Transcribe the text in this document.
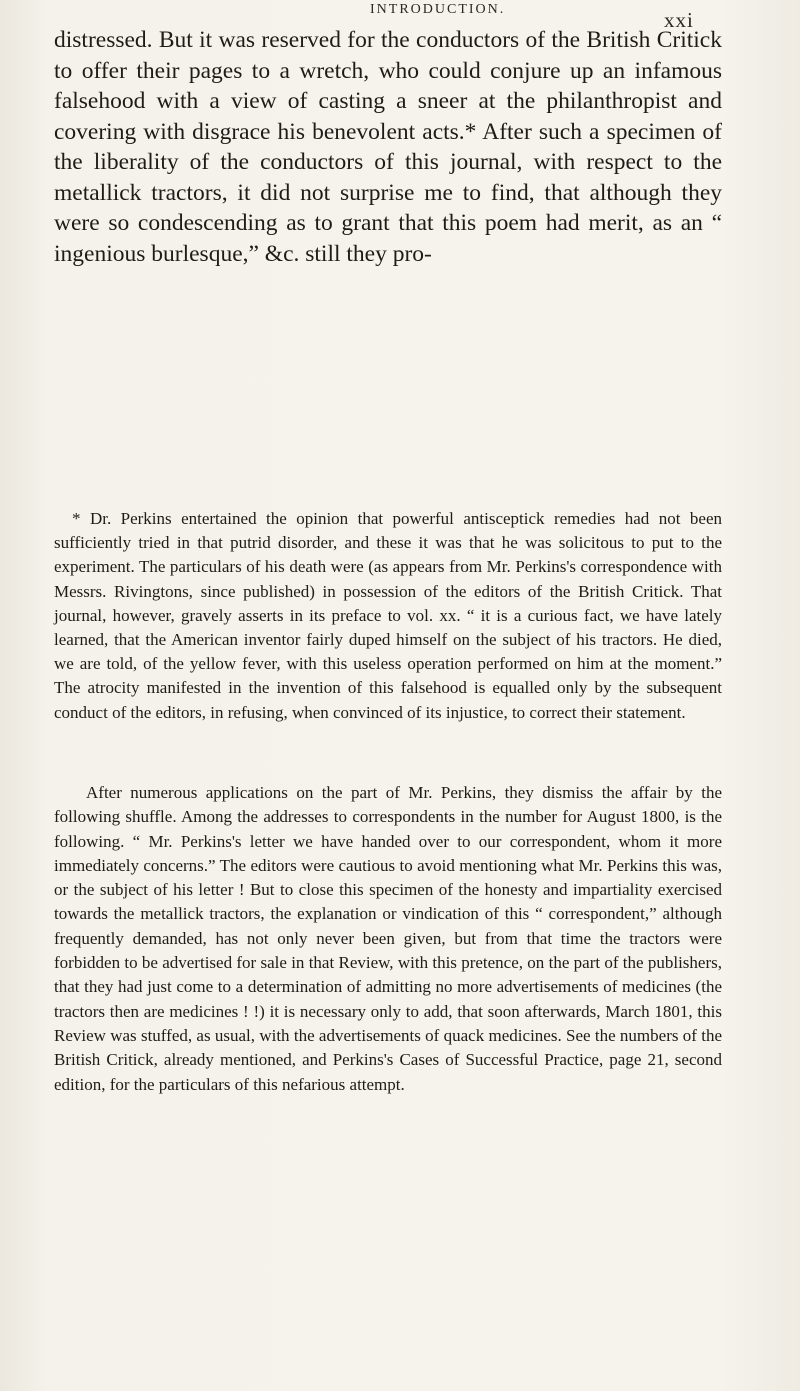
INTRODUCTION.	xxi

distressed. But it was reserved for the conductors of the British Critick to offer their pages to a wretch, who could conjure up an infamous falsehood with a view of casting a sneer at the philanthropist and covering with disgrace his benevolent acts.* After such a specimen of the liberality of the conductors of this journal, with respect to the metallick tractors, it did not surprise me to find, that although they were so condescending as to grant that this poem had merit, as an “ ingenious burlesque,” &c. still they pro-

* Dr. Perkins entertained the opinion that powerful antisceptick remedies had not been sufficiently tried in that putrid disorder, and these it was that he was solicitous to put to the experiment. The particulars of his death were (as appears from Mr. Perkins's correspondence with Messrs. Rivingtons, since published) in possession of the editors of the British Critick. That journal, however, gravely asserts in its preface to vol. xx. “ it is a curious fact, we have lately learned, that the American inventor fairly duped himself on the subject of his tractors. He died, we are told, of the yellow fever, with this useless operation performed on him at the moment.” The atrocity manifested in the invention of this falsehood is equalled only by the subsequent conduct of the editors, in refusing, when convinced of its injustice, to correct their statement.

After numerous applications on the part of Mr. Perkins, they dismiss the affair by the following shuffle. Among the addresses to correspondents in the number for August 1800, is the following. “ Mr. Perkins's letter we have handed over to our correspondent, whom it more immediately concerns.” The editors were cautious to avoid mentioning what Mr. Perkins this was, or the subject of his letter ! But to close this specimen of the honesty and impartiality exercised towards the metallick tractors, the explanation or vindication of this “ correspondent,” although frequently demanded, has not only never been given, but from that time the tractors were forbidden to be advertised for sale in that Review, with this pretence, on the part of the publishers, that they had just come to a determination of admitting no more advertisements of medicines (the tractors then are medicines ! !) it is necessary only to add, that soon afterwards, March 1801, this Review was stuffed, as usual, with the advertisements of quack medicines. See the numbers of the British Critick, already mentioned, and Perkins's Cases of Successful Practice, page 21, second edition, for the particulars of this nefarious attempt.
